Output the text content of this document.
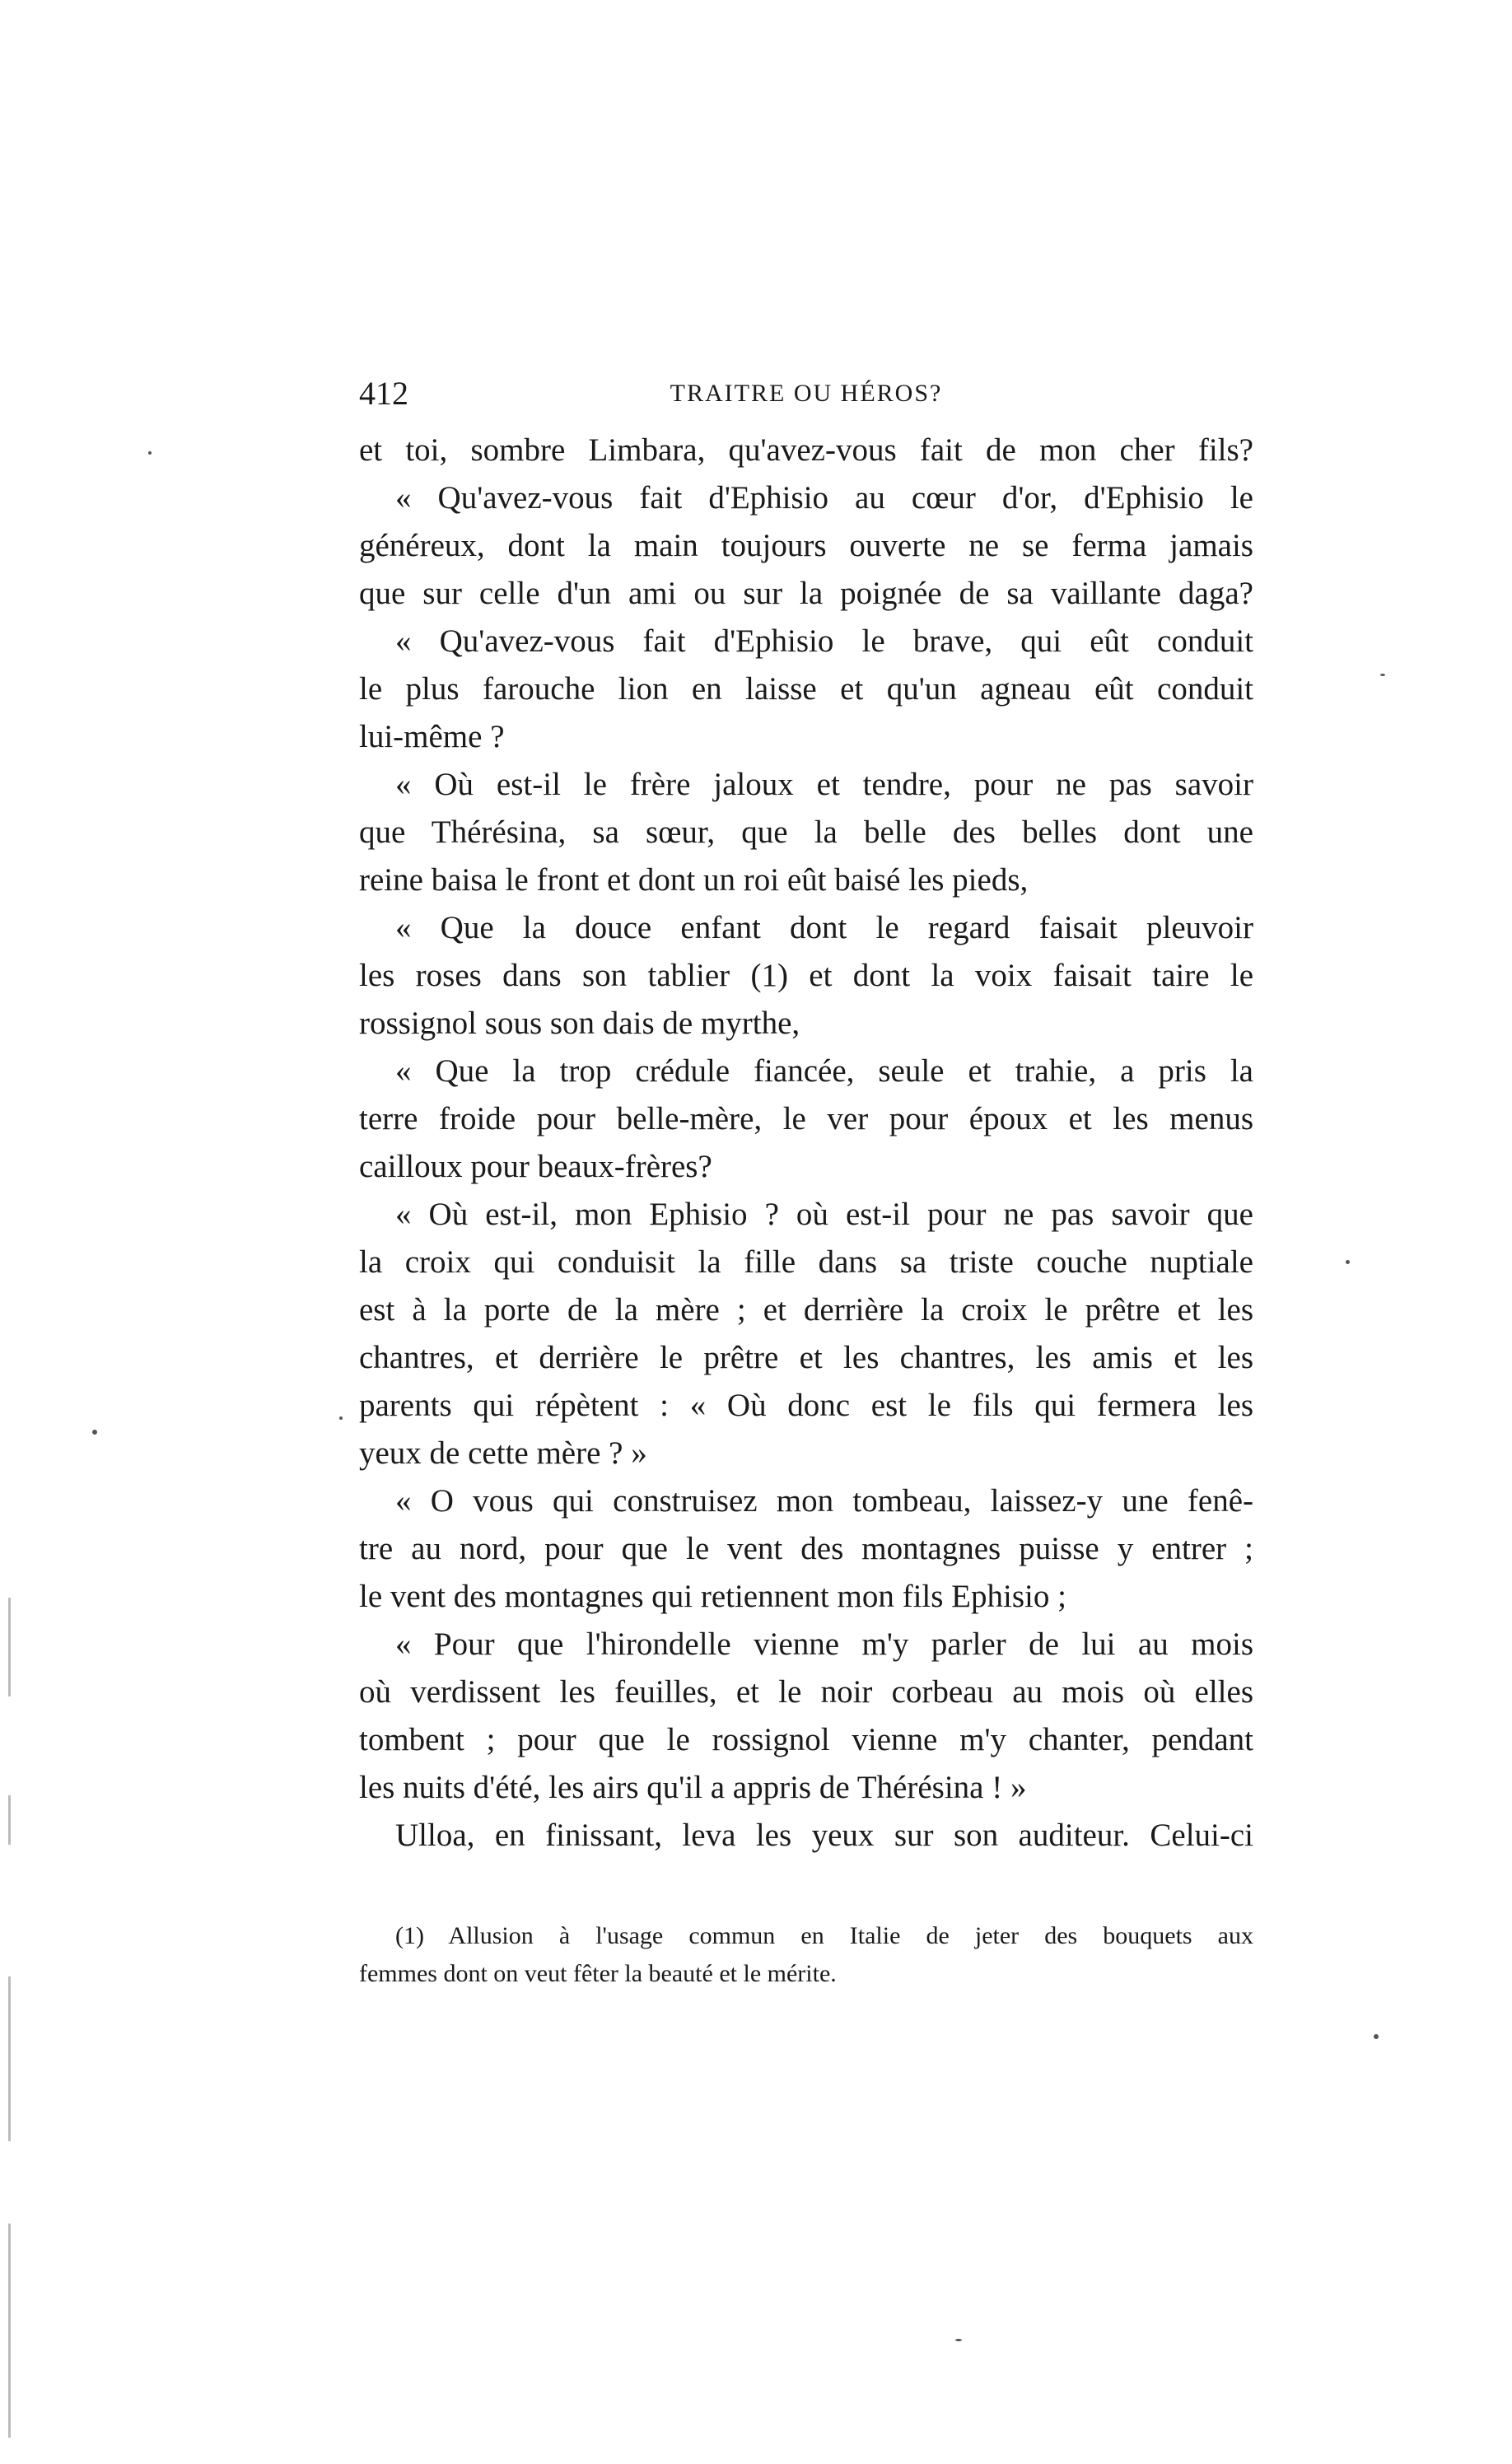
412	TRAITRE OU HÉROS?
et toi, sombre Limbara, qu'avez-vous fait de mon cher fils?
« Qu'avez-vous fait d'Ephisio au cœur d'or, d'Ephisio le
généreux, dont la main toujours ouverte ne se ferma jamais
que sur celle d'un ami ou sur la poignée de sa vaillante daga?
« Qu'avez-vous fait d'Ephisio le brave, qui eût conduit
le plus farouche lion en laisse et qu'un agneau eût conduit
lui-même ?
« Où est-il le frère jaloux et tendre, pour ne pas savoir
que Thérésina, sa sœur, que la belle des belles dont une
reine baisa le front et dont un roi eût baisé les pieds,
« Que la douce enfant dont le regard faisait pleuvoir
les roses dans son tablier (1) et dont la voix faisait taire le
rossignol sous son dais de myrthe,
« Que la trop crédule fiancée, seule et trahie, a pris la
terre froide pour belle-mère, le ver pour époux et les menus
cailloux pour beaux-frères?
« Où est-il, mon Ephisio ? où est-il pour ne pas savoir que
la croix qui conduisit la fille dans sa triste couche nuptiale
est à la porte de la mère ; et derrière la croix le prêtre et les
chantres, et derrière le prêtre et les chantres, les amis et les
parents qui répètent : « Où donc est le fils qui fermera les
yeux de cette mère ? »
« O vous qui construisez mon tombeau, laissez-y une fenê-
tre au nord, pour que le vent des montagnes puisse y entrer ;
le vent des montagnes qui retiennent mon fils Ephisio ;
« Pour que l'hirondelle vienne m'y parler de lui au mois
où verdissent les feuilles, et le noir corbeau au mois où elles
tombent ; pour que le rossignol vienne m'y chanter, pendant
les nuits d'été, les airs qu'il a appris de Thérésina ! »
Ulloa, en finissant, leva les yeux sur son auditeur. Celui-ci
(1) Allusion à l'usage commun en Italie de jeter des bouquets aux
femmes dont on veut fêter la beauté et le mérite.
